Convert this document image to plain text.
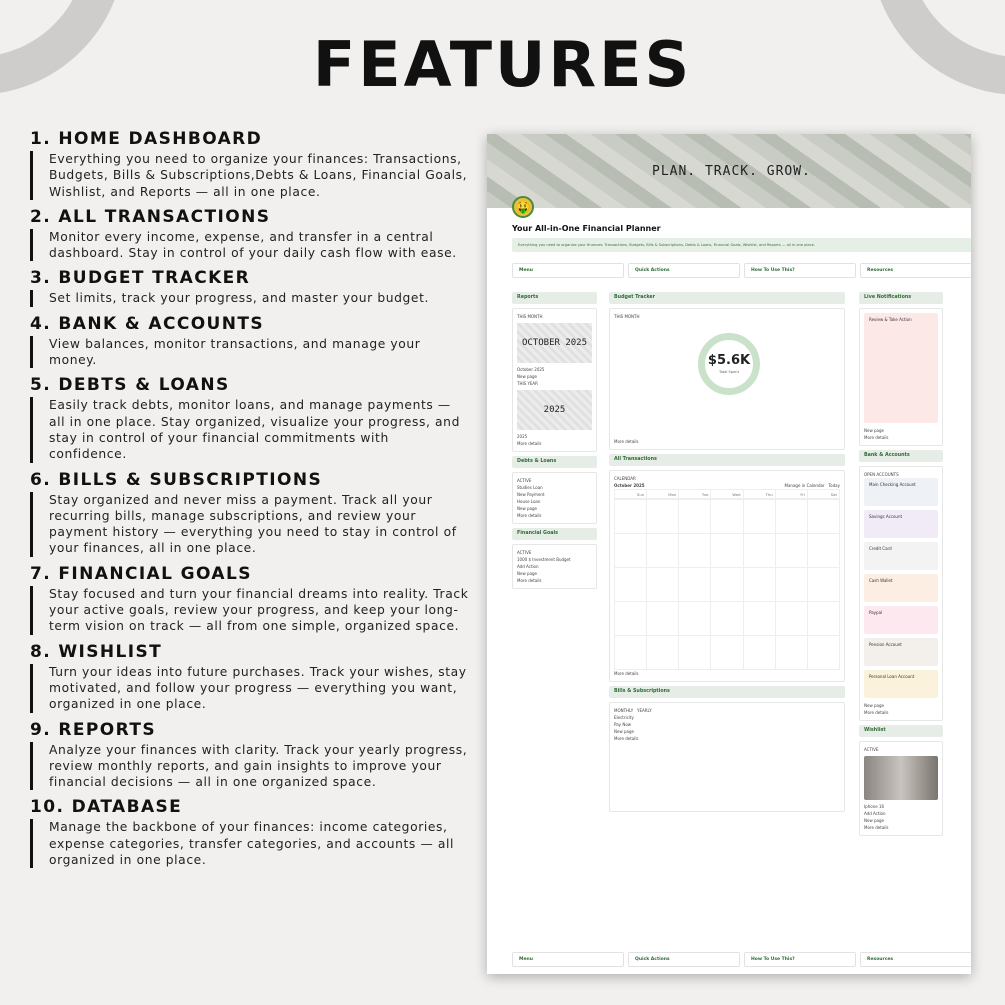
FEATURES
1. HOME DASHBOARD
Everything you need to organize your finances: Transactions, Budgets, Bills & Subscriptions,Debts & Loans, Financial Goals, Wishlist, and Reports — all in one place.
2. ALL TRANSACTIONS
Monitor every income, expense, and transfer in a central dashboard. Stay in control of your daily cash flow with ease.
3. BUDGET TRACKER
Set limits, track your progress, and master your budget.
4. BANK & ACCOUNTS
View balances, monitor transactions, and manage your money.
5. DEBTS & LOANS
Easily track debts, monitor loans, and manage payments — all in one place. Stay organized, visualize your progress, and stay in control of your financial commitments with confidence.
6. BILLS & SUBSCRIPTIONS
Stay organized and never miss a payment. Track all your recurring bills, manage subscriptions, and review your payment history — everything you need to stay in control of your finances, all in one place.
7. FINANCIAL GOALS
Stay focused and turn your financial dreams into reality. Track your active goals, review your progress, and keep your long-term vision on track — all from one simple, organized space.
8. WISHLIST
Turn your ideas into future purchases. Track your wishes, stay motivated, and follow your progress — everything you want, organized in one place.
9. REPORTS
Analyze your finances with clarity. Track your yearly progress, review monthly reports, and gain insights to improve your financial decisions — all in one organized space.
10. DATABASE
Manage the backbone of your finances: income categories, expense categories, transfer categories, and accounts — all organized in one place.
PLAN. TRACK. GROW.
🤑
Your All-in-One Financial Planner
Everything you need to organize your finances: Transactions, Budgets, Bills & Subscriptions, Debts & Loans, Financial Goals, Wishlist, and Reports — all in one place.
Menu	Quick Actions	How To Use This?	Resources
Reports
THIS MONTH
OCTOBER 2025
October 2025
New page
THIS YEAR
2025
2025
More details
Debts & Loans
ACTIVE
Studies Loan
New Payment
House Loan
New page
More details
Financial Goals
ACTIVE
1000 $ Investment Budget
Add Action
New page
More details
Budget Tracker
THIS MONTH
$5.6K
Total Spent
More details
All Transactions
CALENDAR
October 2025	Manage in Calendar Today
Sun	Mon	Tue	Wed	Thu	Fri	Sat
More details
Bills & Subscriptions
MONTHLY YEARLY
Electricity
Pay Now
New page
More details
Live Notifications
Review & Take Action
New page
More details
Bank & Accounts
OPEN ACCOUNTS
Main Checking Account
Savings Account
Credit Card
Cash Wallet
Paypal
Pension Account
Personal Loan Account
New page
More details
Wishlist
ACTIVE
Iphone 16
Add Action
New page
More details
Menu	Quick Actions	How To Use This?	Resources
